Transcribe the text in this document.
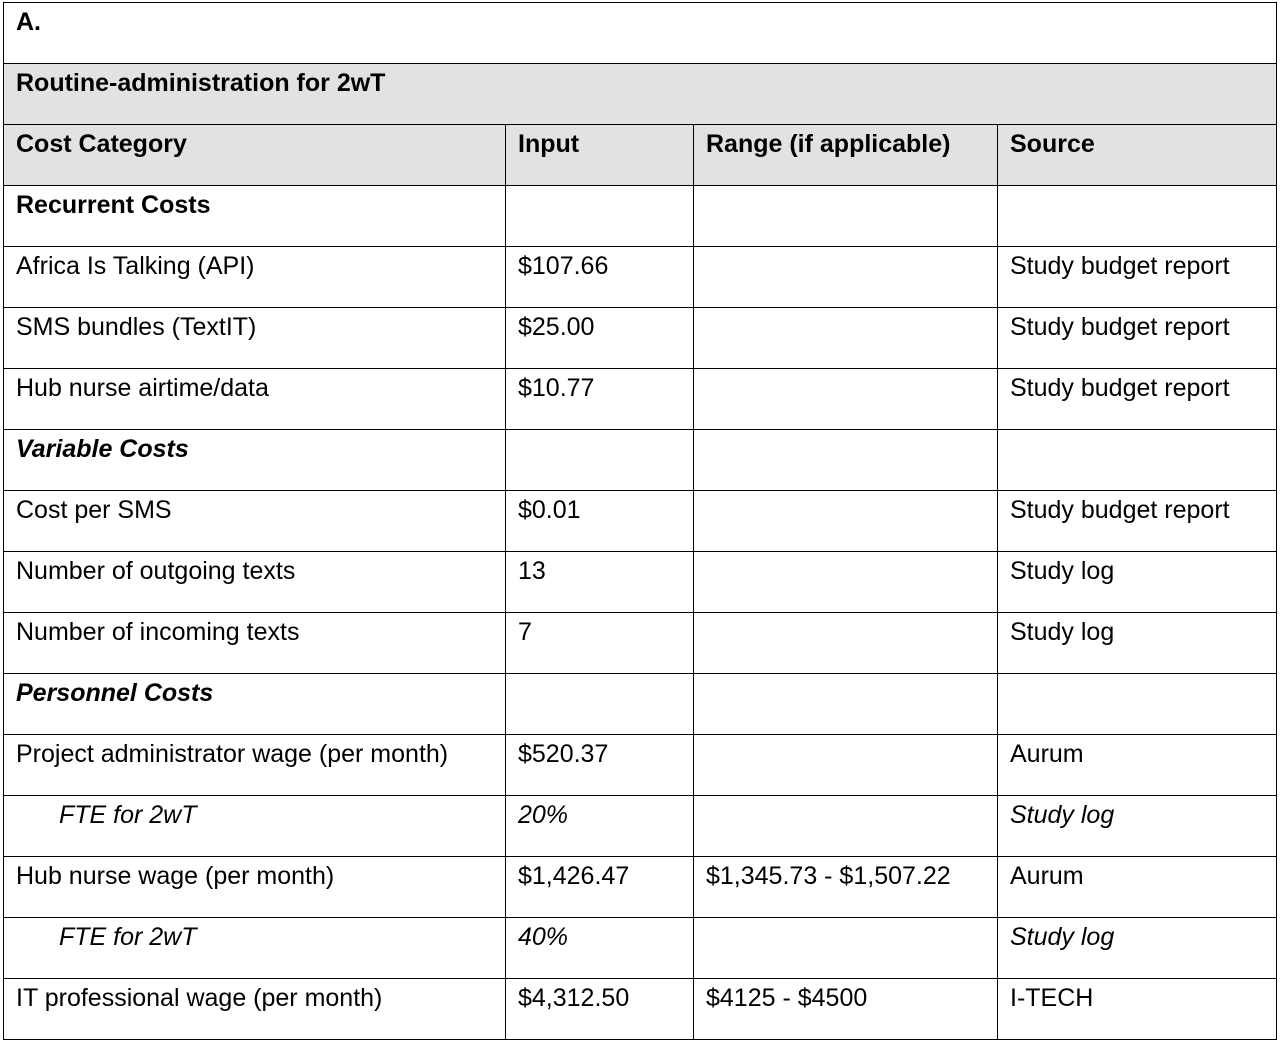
A.			
Routine-administration for 2wT			
Cost Category	Input	Range (if applicable)	Source
Recurrent Costs			
Africa Is Talking (API)	$107.66		Study budget report
SMS bundles (TextIT)	$25.00		Study budget report
Hub nurse airtime/data	$10.77		Study budget report
Variable Costs			
Cost per SMS	$0.01		Study budget report
Number of outgoing texts	13		Study log
Number of incoming texts	7		Study log
Personnel Costs			
Project administrator wage (per month)	$520.37		Aurum
FTE for 2wT	20%		Study log
Hub nurse wage (per month)	$1,426.47	$1,345.73 - $1,507.22	Aurum
FTE for 2wT	40%		Study log
IT professional wage (per month)	$4,312.50	$4125 - $4500	I-TECH
